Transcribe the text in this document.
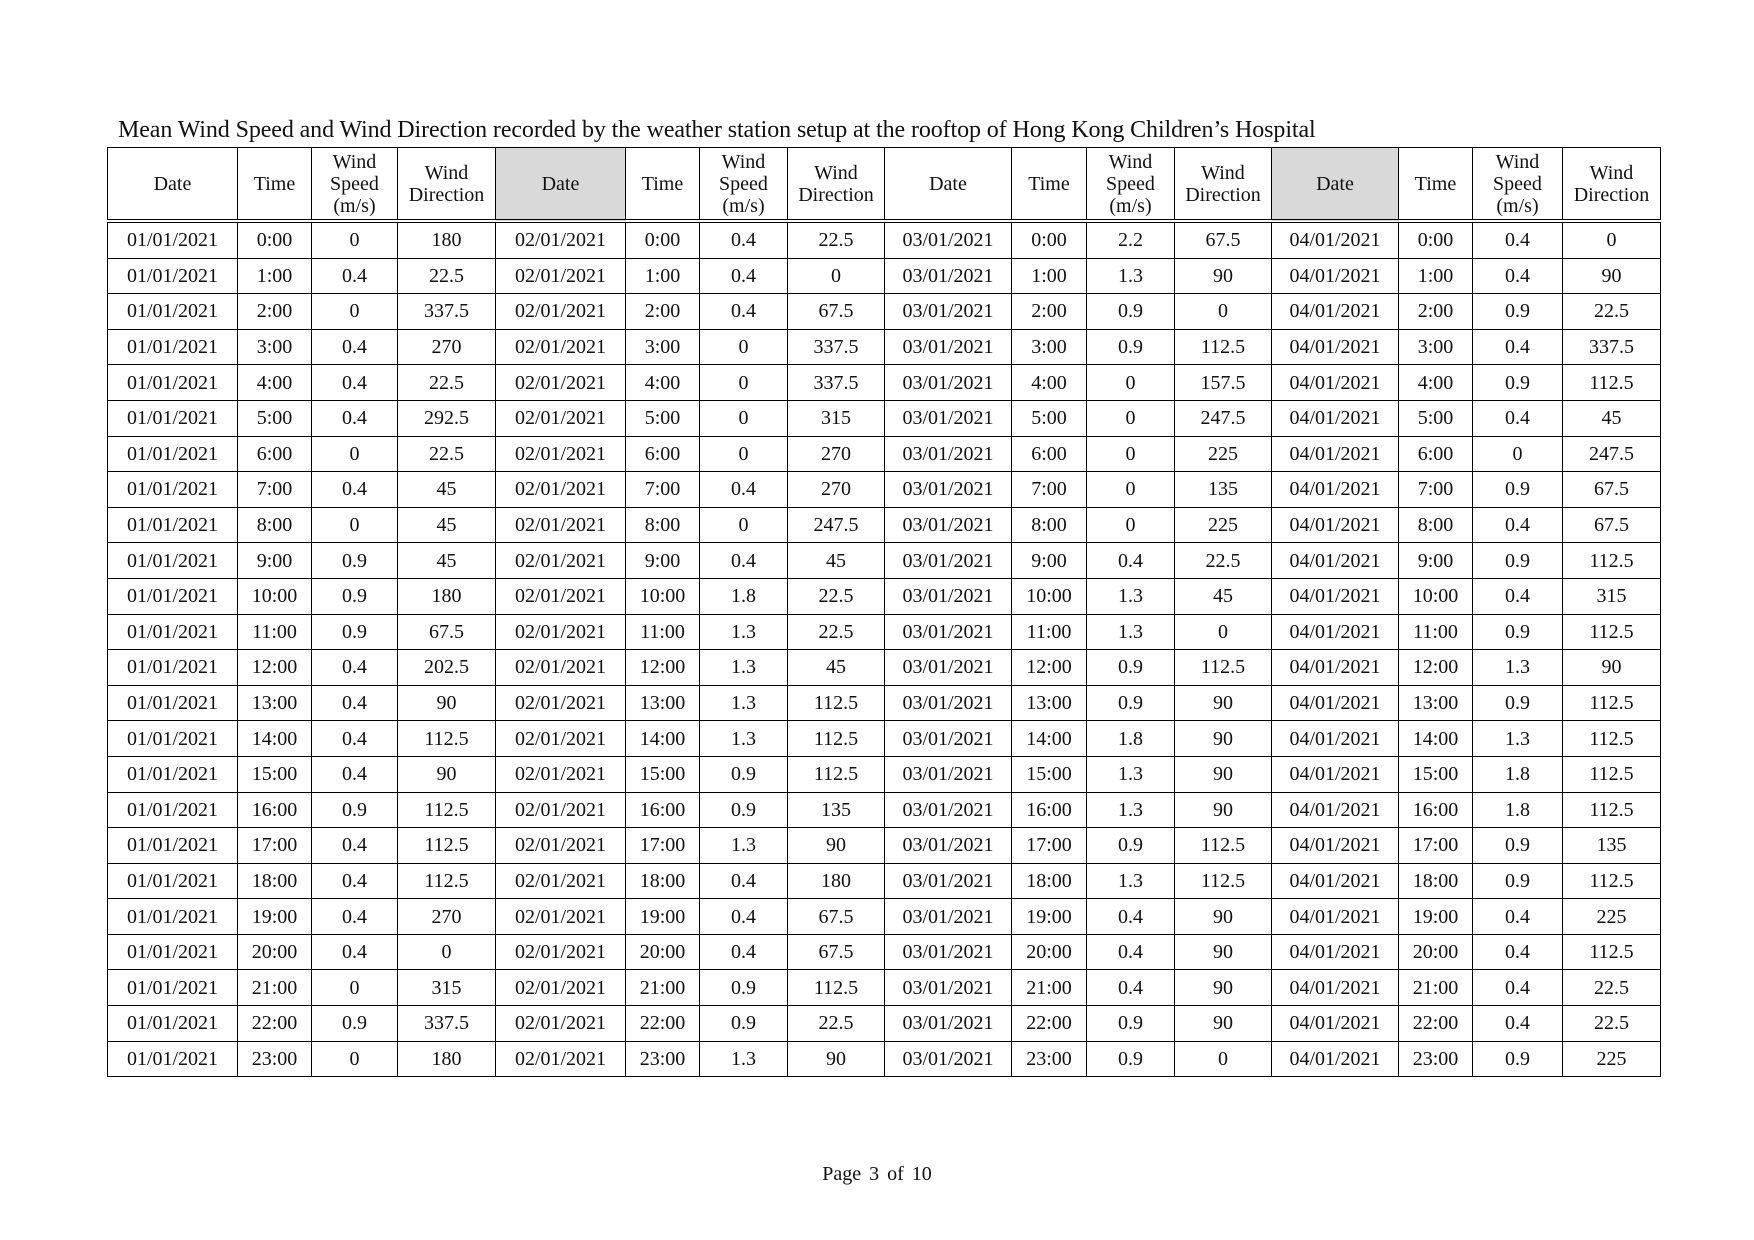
Mean Wind Speed and Wind Direction recorded by the weather station setup at the rooftop of Hong Kong Children’s Hospital
Date	Time	Wind
Speed
(m/s)	Wind
Direction	Date	Time	Wind
Speed
(m/s)	Wind
Direction	Date	Time	Wind
Speed
(m/s)	Wind
Direction	Date	Time	Wind
Speed
(m/s)	Wind
Direction
01/01/2021	0:00	0	180	02/01/2021	0:00	0.4	22.5	03/01/2021	0:00	2.2	67.5	04/01/2021	0:00	0.4	0
01/01/2021	1:00	0.4	22.5	02/01/2021	1:00	0.4	0	03/01/2021	1:00	1.3	90	04/01/2021	1:00	0.4	90
01/01/2021	2:00	0	337.5	02/01/2021	2:00	0.4	67.5	03/01/2021	2:00	0.9	0	04/01/2021	2:00	0.9	22.5
01/01/2021	3:00	0.4	270	02/01/2021	3:00	0	337.5	03/01/2021	3:00	0.9	112.5	04/01/2021	3:00	0.4	337.5
01/01/2021	4:00	0.4	22.5	02/01/2021	4:00	0	337.5	03/01/2021	4:00	0	157.5	04/01/2021	4:00	0.9	112.5
01/01/2021	5:00	0.4	292.5	02/01/2021	5:00	0	315	03/01/2021	5:00	0	247.5	04/01/2021	5:00	0.4	45
01/01/2021	6:00	0	22.5	02/01/2021	6:00	0	270	03/01/2021	6:00	0	225	04/01/2021	6:00	0	247.5
01/01/2021	7:00	0.4	45	02/01/2021	7:00	0.4	270	03/01/2021	7:00	0	135	04/01/2021	7:00	0.9	67.5
01/01/2021	8:00	0	45	02/01/2021	8:00	0	247.5	03/01/2021	8:00	0	225	04/01/2021	8:00	0.4	67.5
01/01/2021	9:00	0.9	45	02/01/2021	9:00	0.4	45	03/01/2021	9:00	0.4	22.5	04/01/2021	9:00	0.9	112.5
01/01/2021	10:00	0.9	180	02/01/2021	10:00	1.8	22.5	03/01/2021	10:00	1.3	45	04/01/2021	10:00	0.4	315
01/01/2021	11:00	0.9	67.5	02/01/2021	11:00	1.3	22.5	03/01/2021	11:00	1.3	0	04/01/2021	11:00	0.9	112.5
01/01/2021	12:00	0.4	202.5	02/01/2021	12:00	1.3	45	03/01/2021	12:00	0.9	112.5	04/01/2021	12:00	1.3	90
01/01/2021	13:00	0.4	90	02/01/2021	13:00	1.3	112.5	03/01/2021	13:00	0.9	90	04/01/2021	13:00	0.9	112.5
01/01/2021	14:00	0.4	112.5	02/01/2021	14:00	1.3	112.5	03/01/2021	14:00	1.8	90	04/01/2021	14:00	1.3	112.5
01/01/2021	15:00	0.4	90	02/01/2021	15:00	0.9	112.5	03/01/2021	15:00	1.3	90	04/01/2021	15:00	1.8	112.5
01/01/2021	16:00	0.9	112.5	02/01/2021	16:00	0.9	135	03/01/2021	16:00	1.3	90	04/01/2021	16:00	1.8	112.5
01/01/2021	17:00	0.4	112.5	02/01/2021	17:00	1.3	90	03/01/2021	17:00	0.9	112.5	04/01/2021	17:00	0.9	135
01/01/2021	18:00	0.4	112.5	02/01/2021	18:00	0.4	180	03/01/2021	18:00	1.3	112.5	04/01/2021	18:00	0.9	112.5
01/01/2021	19:00	0.4	270	02/01/2021	19:00	0.4	67.5	03/01/2021	19:00	0.4	90	04/01/2021	19:00	0.4	225
01/01/2021	20:00	0.4	0	02/01/2021	20:00	0.4	67.5	03/01/2021	20:00	0.4	90	04/01/2021	20:00	0.4	112.5
01/01/2021	21:00	0	315	02/01/2021	21:00	0.9	112.5	03/01/2021	21:00	0.4	90	04/01/2021	21:00	0.4	22.5
01/01/2021	22:00	0.9	337.5	02/01/2021	22:00	0.9	22.5	03/01/2021	22:00	0.9	90	04/01/2021	22:00	0.4	22.5
01/01/2021	23:00	0	180	02/01/2021	23:00	1.3	90	03/01/2021	23:00	0.9	0	04/01/2021	23:00	0.9	225
Page 3 of 10
